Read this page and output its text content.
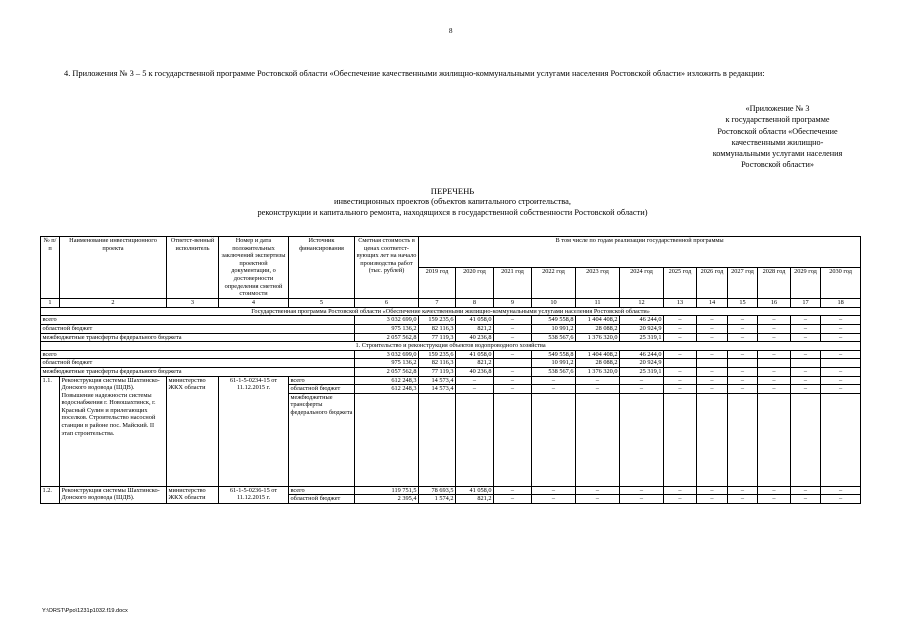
8
4. Приложения № 3 – 5 к государственной программе Ростовской области «Обеспечение качественными жилищно-коммунальными услугами населения Ростовской области» изложить в редакции:
«Приложение № 3
к государственной программе
Ростовской области «Обеспечение
качественными жилищно-
коммунальными услугами населения
Ростовской области»
ПЕРЕЧЕНЬ
инвестиционных проектов (объектов капитального строительства,
реконструкции и капитального ремонта, находящихся в государственной собственности Ростовской области)
№ п/п	Наименование инвестиционного проекта	Ответст-венный исполнитель	Номер и дата положительных заключений экспертизы проектной документации, о достоверности определения сметной стоимости	Источник финансирования	Сметная стоимость в ценах соответст-вующих лет на начало производства работ (тыс. рублей)	В том числе по годам реализации государственной программы											
						2019 год	2020 год	2021 год	2022 год	2023 год	2024 год	2025 год	2026 год	2027 год	2028 год	2029 год	2030 год
1	2	3	4	5	6	7	8	9	10	11	12	13	14	15	16	17	18
Государственная программа Ростовской области «Обеспечение качественными жилищно-коммунальными услугами населения Ростовской области»																	
всего					3 032 699,0	159 235,6	41 058,0	–	549 558,8	1 404 408,2	46 244,0	–	–	–	–	–	–
областной бюджет					975 136,2	82 116,3	821,2	–	10 991,2	28 088,2	20 924,9	–	–	–	–	–	–
межбюджетные трансферты федерального бюджета					2 057 562,8	77 119,3	40 236,8	–	538 567,6	1 376 320,0	25 319,1	–	–	–	–	–	–
1. Строительство и реконструкция объектов водопроводного хозяйства																	
всего					3 032 699,0	159 235,6	41 058,0	–	549 558,8	1 404 408,2	46 244,0	–	–	–	–	–	–
областной бюджет					975 136,2	82 116,3	821,2		10 991,2	28 088,2	20 924,9						
межбюджетные трансферты федерального бюджета					2 057 562,8	77 119,3	40 236,8	–	538 567,6	1 376 320,0	25 319,1	–	–	–	–	–	–
1.1.	Реконструкция системы Шахтинско-Донского водовода (ШДВ). Повышение надежности системы водоснабжения г. Новошахтинск, г. Красный Сулин и прилегающих поселков. Строительство насосной станции в районе пос. Майский. II этап строительства.	министерство ЖКХ области	61-1-5-0234-15 от 11.12.2015 г.	всего	612 248,3	14 573,4	–	–	–	–	–	–	–	–	–	–	–
				областной бюджет	612 248,3	14 573,4	–	–	–	–	–	–	–	–	–	–	–
				межбюджетные трансферты федерального бюджета													
1.2.	Реконструкция системы Шахтинско-Донского водовода (ШДВ).	министерство ЖКХ области	61-1-5-0236-15 от 11.12.2015 г.	всего	119 751,5	78 693,5	41 058,0	–	–	–	–	–	–	–	–	–	–
				областной бюджет	2 395,4	1 574,2	821,2	–	–	–	–	–	–	–	–	–	–
Y:\ORST\Ppo\1231p1032.f19.docx
